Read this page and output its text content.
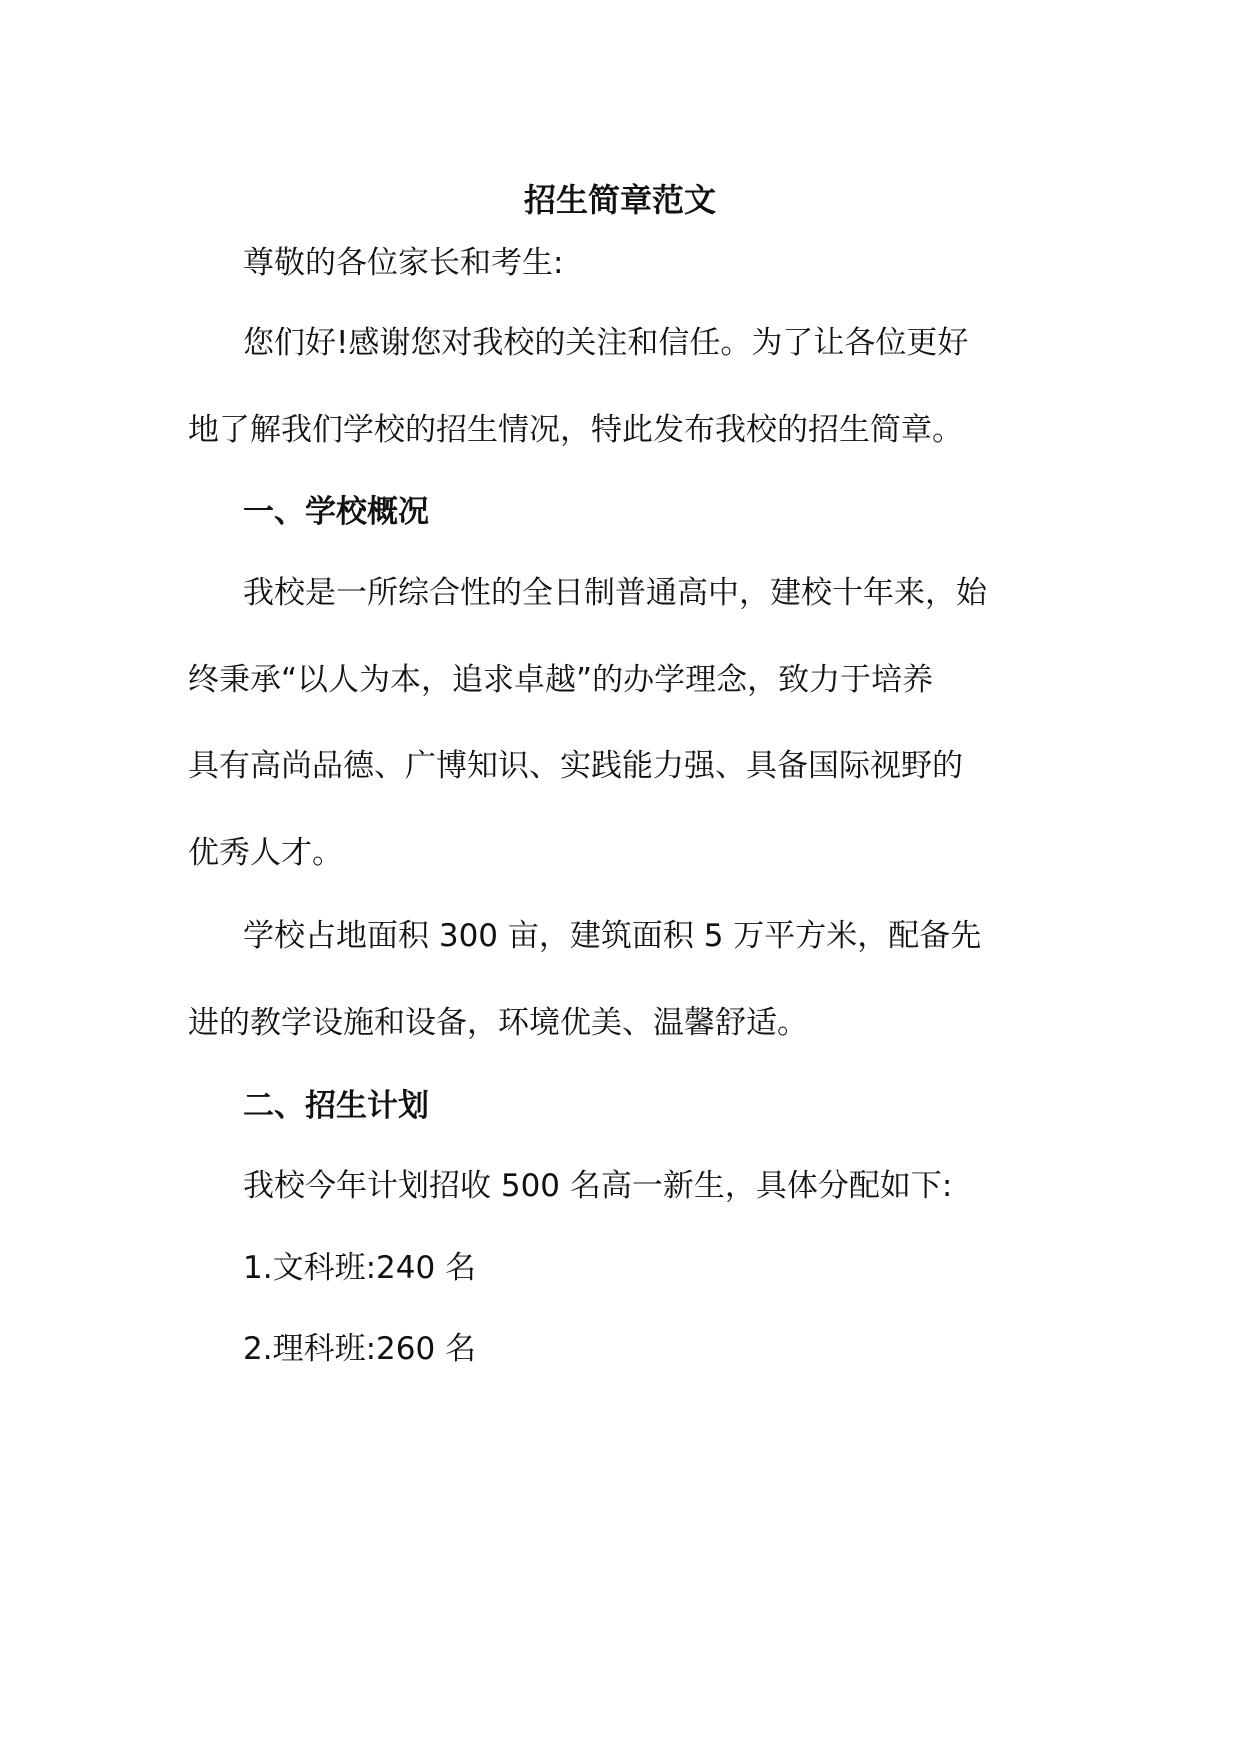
招生简章范文
尊敬的各位家长和考生:
您们好!感谢您对我校的关注和信任。为了让各位更好
地了解我们学校的招生情况，特此发布我校的招生简章。
一、学校概况
我校是一所综合性的全日制普通高中，建校十年来，始
终秉承“以人为本，追求卓越”的办学理念，致力于培养
具有高尚品德、广博知识、实践能力强、具备国际视野的
优秀人才。
学校占地面积 300 亩，建筑面积 5 万平方米，配备先
进的教学设施和设备，环境优美、温馨舒适。
二、招生计划
我校今年计划招收 500 名高一新生，具体分配如下:
1.文科班:240 名
2.理科班:260 名
